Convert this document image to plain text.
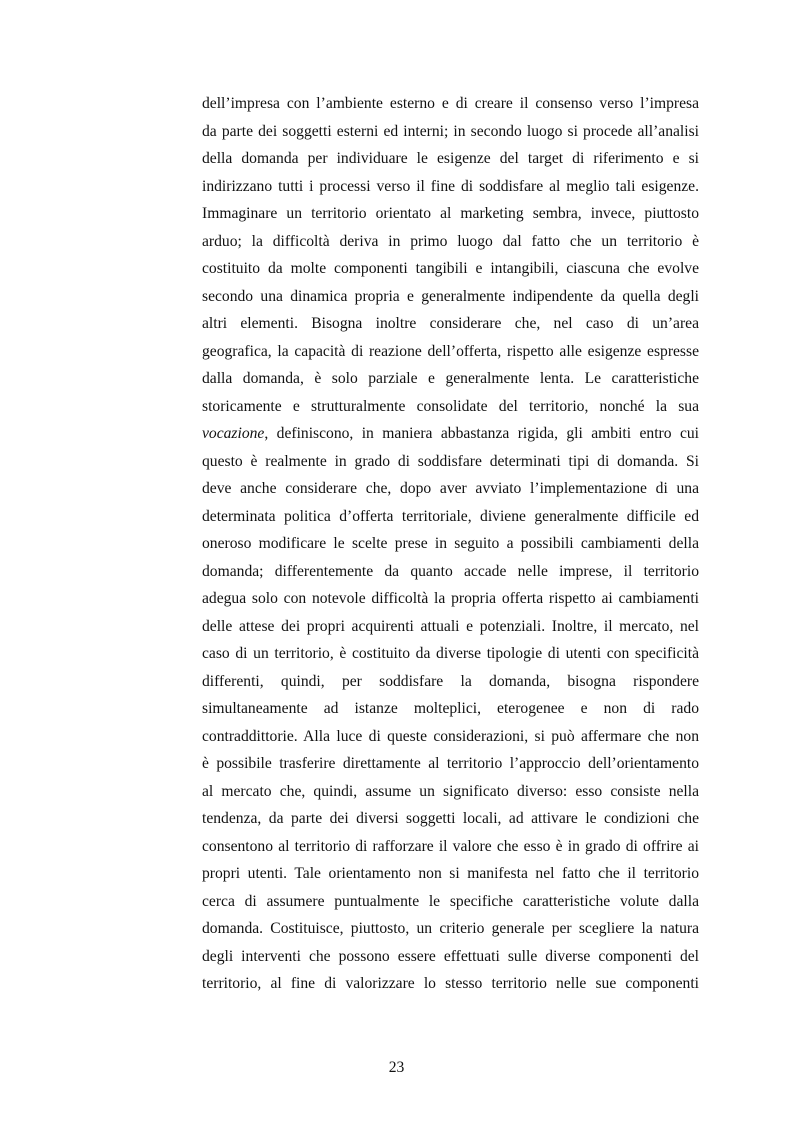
dell’impresa con l’ambiente esterno e di creare il consenso verso l’impresa
da parte dei soggetti esterni ed interni; in secondo luogo si procede all’analisi
della domanda per individuare le esigenze del target di riferimento e si
indirizzano tutti i processi verso il fine di soddisfare al meglio tali esigenze.
Immaginare un territorio orientato al marketing sembra, invece, piuttosto
arduo; la difficoltà deriva in primo luogo dal fatto che un territorio è
costituito da molte componenti tangibili e intangibili, ciascuna che evolve
secondo una dinamica propria e generalmente indipendente da quella degli
altri elementi. Bisogna inoltre considerare che, nel caso di un’area
geografica, la capacità di reazione dell’offerta, rispetto alle esigenze espresse
dalla domanda, è solo parziale e generalmente lenta. Le caratteristiche
storicamente e strutturalmente consolidate del territorio, nonché la sua
vocazione, definiscono, in maniera abbastanza rigida, gli ambiti entro cui
questo è realmente in grado di soddisfare determinati tipi di domanda. Si
deve anche considerare che, dopo aver avviato l’implementazione di una
determinata politica d’offerta territoriale, diviene generalmente difficile ed
oneroso modificare le scelte prese in seguito a possibili cambiamenti della
domanda; differentemente da quanto accade nelle imprese, il territorio
adegua solo con notevole difficoltà la propria offerta rispetto ai cambiamenti
delle attese dei propri acquirenti attuali e potenziali. Inoltre, il mercato, nel
caso di un territorio, è costituito da diverse tipologie di utenti con specificità
differenti, quindi, per soddisfare la domanda, bisogna rispondere
simultaneamente ad istanze molteplici, eterogenee e non di rado
contraddittorie. Alla luce di queste considerazioni, si può affermare che non
è possibile trasferire direttamente al territorio l’approccio dell’orientamento
al mercato che, quindi, assume un significato diverso: esso consiste nella
tendenza, da parte dei diversi soggetti locali, ad attivare le condizioni che
consentono al territorio di rafforzare il valore che esso è in grado di offrire ai
propri utenti. Tale orientamento non si manifesta nel fatto che il territorio
cerca di assumere puntualmente le specifiche caratteristiche volute dalla
domanda. Costituisce, piuttosto, un criterio generale per scegliere la natura
degli interventi che possono essere effettuati sulle diverse componenti del
territorio, al fine di valorizzare lo stesso territorio nelle sue componenti
23
